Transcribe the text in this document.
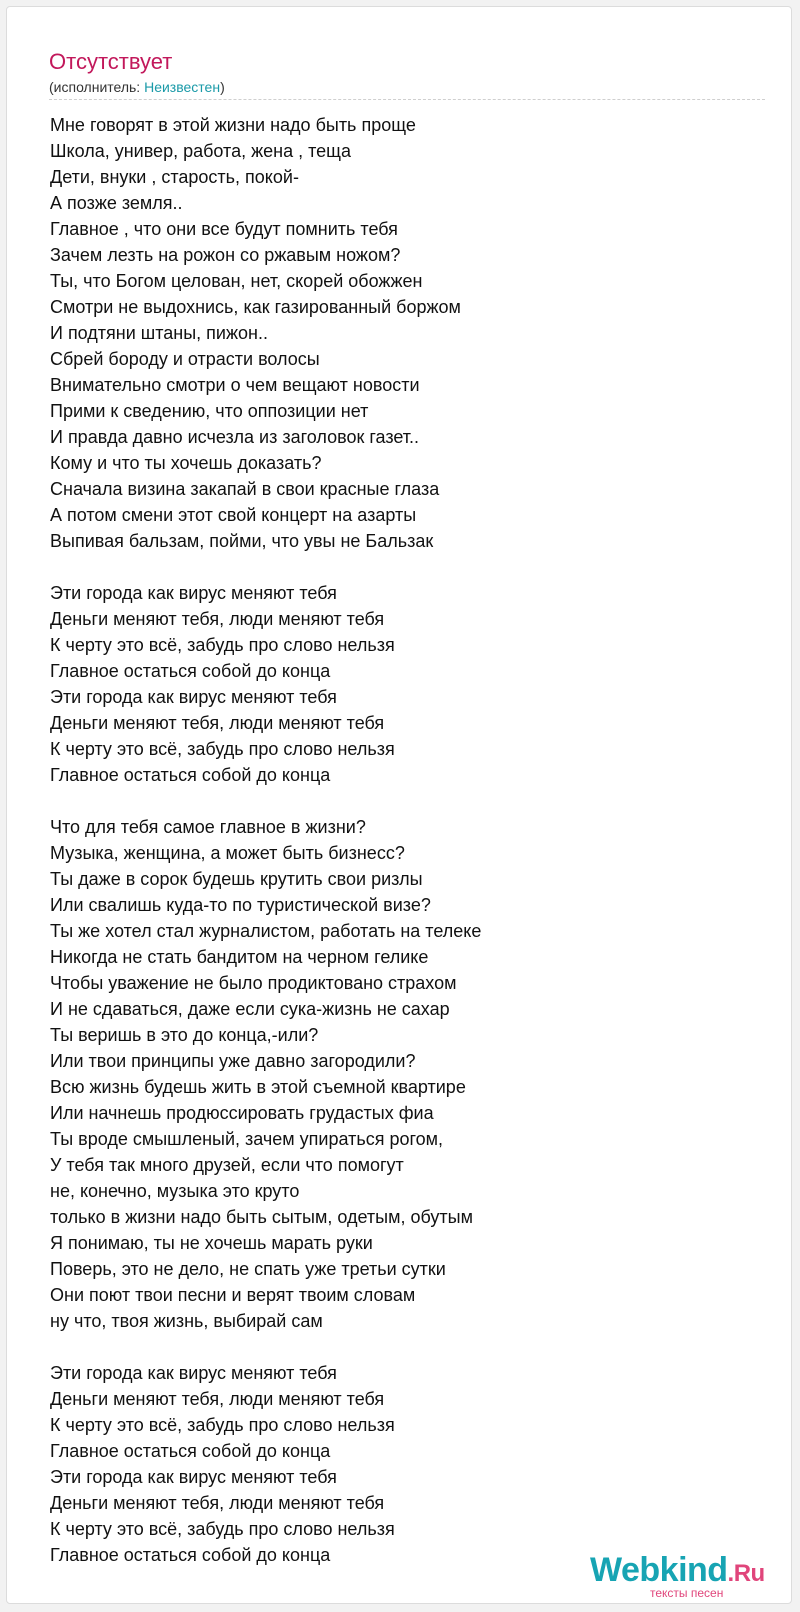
Отсутствует
(исполнитель: Неизвестен)
Мне говорят в этой жизни надо быть проще
Школа, универ, работа, жена , теща
Дети, внуки , старость, покой-
А позже земля..
Главное , что они все будут помнить тебя
Зачем лезть на рожон со ржавым ножом?
Ты, что Богом целован, нет, скорей обожжен
Смотри не выдохнись, как газированный боржом
И подтяни штаны, пижон..
Сбрей бороду и отрасти волосы
Внимательно смотри о чем вещают новости
Прими к сведению, что оппозиции нет
И правда давно исчезла из заголовок газет..
Кому и что ты хочешь доказать?
Сначала визина закапай в свои красные глаза
А потом смени этот свой концерт на азарты
Выпивая бальзам, пойми, что увы не Бальзак
Эти города как вирус меняют тебя
Деньги меняют тебя, люди меняют тебя
К черту это всё, забудь про слово нельзя
Главное остаться собой до конца
Эти города как вирус меняют тебя
Деньги меняют тебя, люди меняют тебя
К черту это всё, забудь про слово нельзя
Главное остаться собой до конца
Что для тебя самое главное в жизни?
Музыка, женщина, а может быть бизнесс?
Ты даже в сорок будешь крутить свои ризлы
Или свалишь куда-то по туристической визе?
Ты же хотел стал журналистом, работать на телеке
Никогда не стать бандитом на черном гелике
Чтобы уважение не было продиктовано страхом
И не сдаваться, даже если сука-жизнь не сахар
Ты веришь в это до конца,-или?
Или твои принципы уже давно загородили?
Всю жизнь будешь жить в этой съемной квартире
Или начнешь продюссировать грудастых фиа
Ты вроде смышленый, зачем упираться рогом,
У тебя так много друзей, если что помогут
не, конечно, музыка это круто
только в жизни надо быть сытым, одетым, обутым
Я понимаю, ты не хочешь марать руки
Поверь, это не дело, не спать уже третьи сутки
Они поют твои песни и верят твоим словам
ну что, твоя жизнь, выбирай сам
Эти города как вирус меняют тебя
Деньги меняют тебя, люди меняют тебя
К черту это всё, забудь про слово нельзя
Главное остаться собой до конца
Эти города как вирус меняют тебя
Деньги меняют тебя, люди меняют тебя
К черту это всё, забудь про слово нельзя
Главное остаться собой до конца	Webkind.Ru
тексты песен
